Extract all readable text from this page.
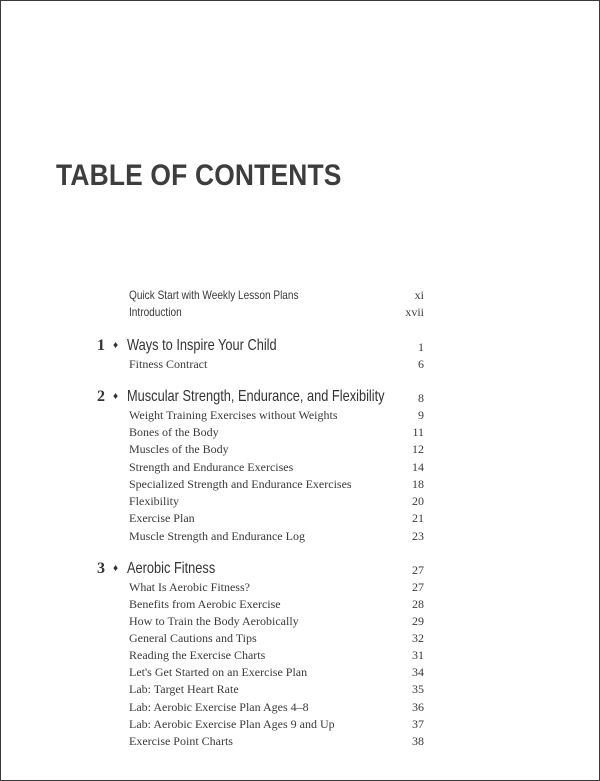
TABLE OF CONTENTS
Quick Start with Weekly Lesson Plans	xi
Introduction	xvii
1 ♦ Ways to Inspire Your Child	1
Fitness Contract	6
2 ♦ Muscular Strength, Endurance, and Flexibility	8
Weight Training Exercises without Weights	9
Bones of the Body	11
Muscles of the Body	12
Strength and Endurance Exercises	14
Specialized Strength and Endurance Exercises	18
Flexibility	20
Exercise Plan	21
Muscle Strength and Endurance Log	23
3 ♦ Aerobic Fitness	27
What Is Aerobic Fitness?	27
Benefits from Aerobic Exercise	28
How to Train the Body Aerobically	29
General Cautions and Tips	32
Reading the Exercise Charts	31
Let's Get Started on an Exercise Plan	34
Lab: Target Heart Rate	35
Lab: Aerobic Exercise Plan Ages 4–8	36
Lab: Aerobic Exercise Plan Ages 9 and Up	37
Exercise Point Charts	38
